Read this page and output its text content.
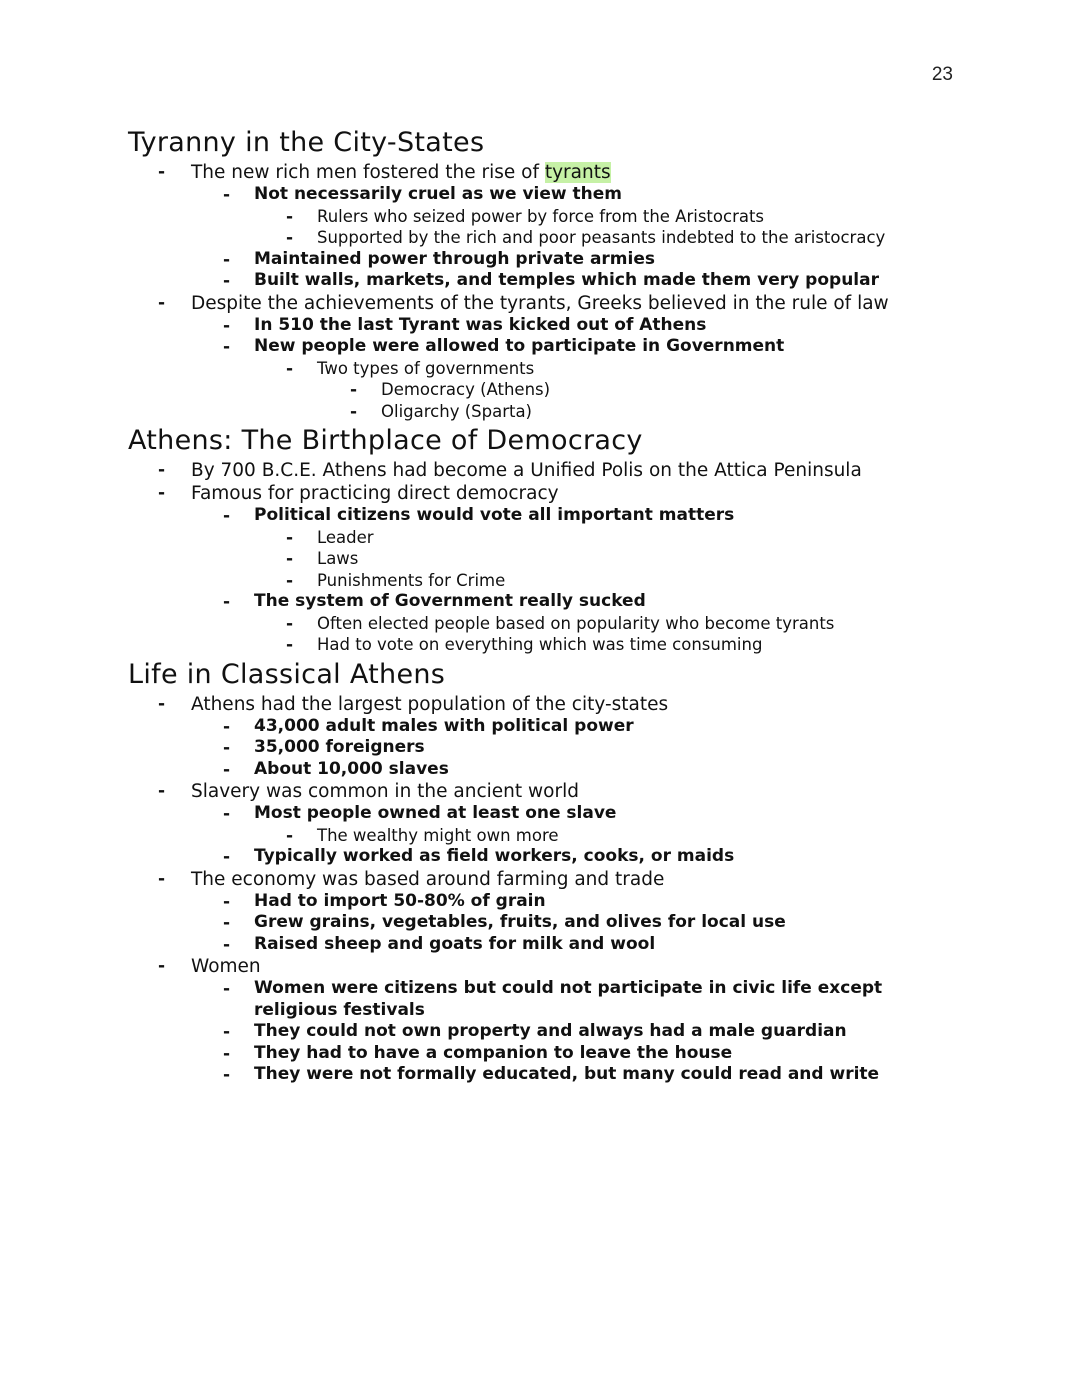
23
Tyranny in the City-States
- The new rich men fostered the rise of tyrants
- Not necessarily cruel as we view them
- Rulers who seized power by force from the Aristocrats
- Supported by the rich and poor peasants indebted to the aristocracy
- Maintained power through private armies
- Built walls, markets, and temples which made them very popular
- Despite the achievements of the tyrants, Greeks believed in the rule of law
- In 510 the last Tyrant was kicked out of Athens
- New people were allowed to participate in Government
- Two types of governments
- Democracy (Athens)
- Oligarchy (Sparta)
Athens: The Birthplace of Democracy
- By 700 B.C.E. Athens had become a Unified Polis on the Attica Peninsula
- Famous for practicing direct democracy
- Political citizens would vote all important matters
- Leader
- Laws
- Punishments for Crime
- The system of Government really sucked
- Often elected people based on popularity who become tyrants
- Had to vote on everything which was time consuming
Life in Classical Athens
- Athens had the largest population of the city-states
- 43,000 adult males with political power
- 35,000 foreigners
- About 10,000 slaves
- Slavery was common in the ancient world
- Most people owned at least one slave
- The wealthy might own more
- Typically worked as field workers, cooks, or maids
- The economy was based around farming and trade
- Had to import 50-80% of grain
- Grew grains, vegetables, fruits, and olives for local use
- Raised sheep and goats for milk and wool
- Women
- Women were citizens but could not participate in civic life except religious festivals
- They could not own property and always had a male guardian
- They had to have a companion to leave the house
- They were not formally educated, but many could read and write
